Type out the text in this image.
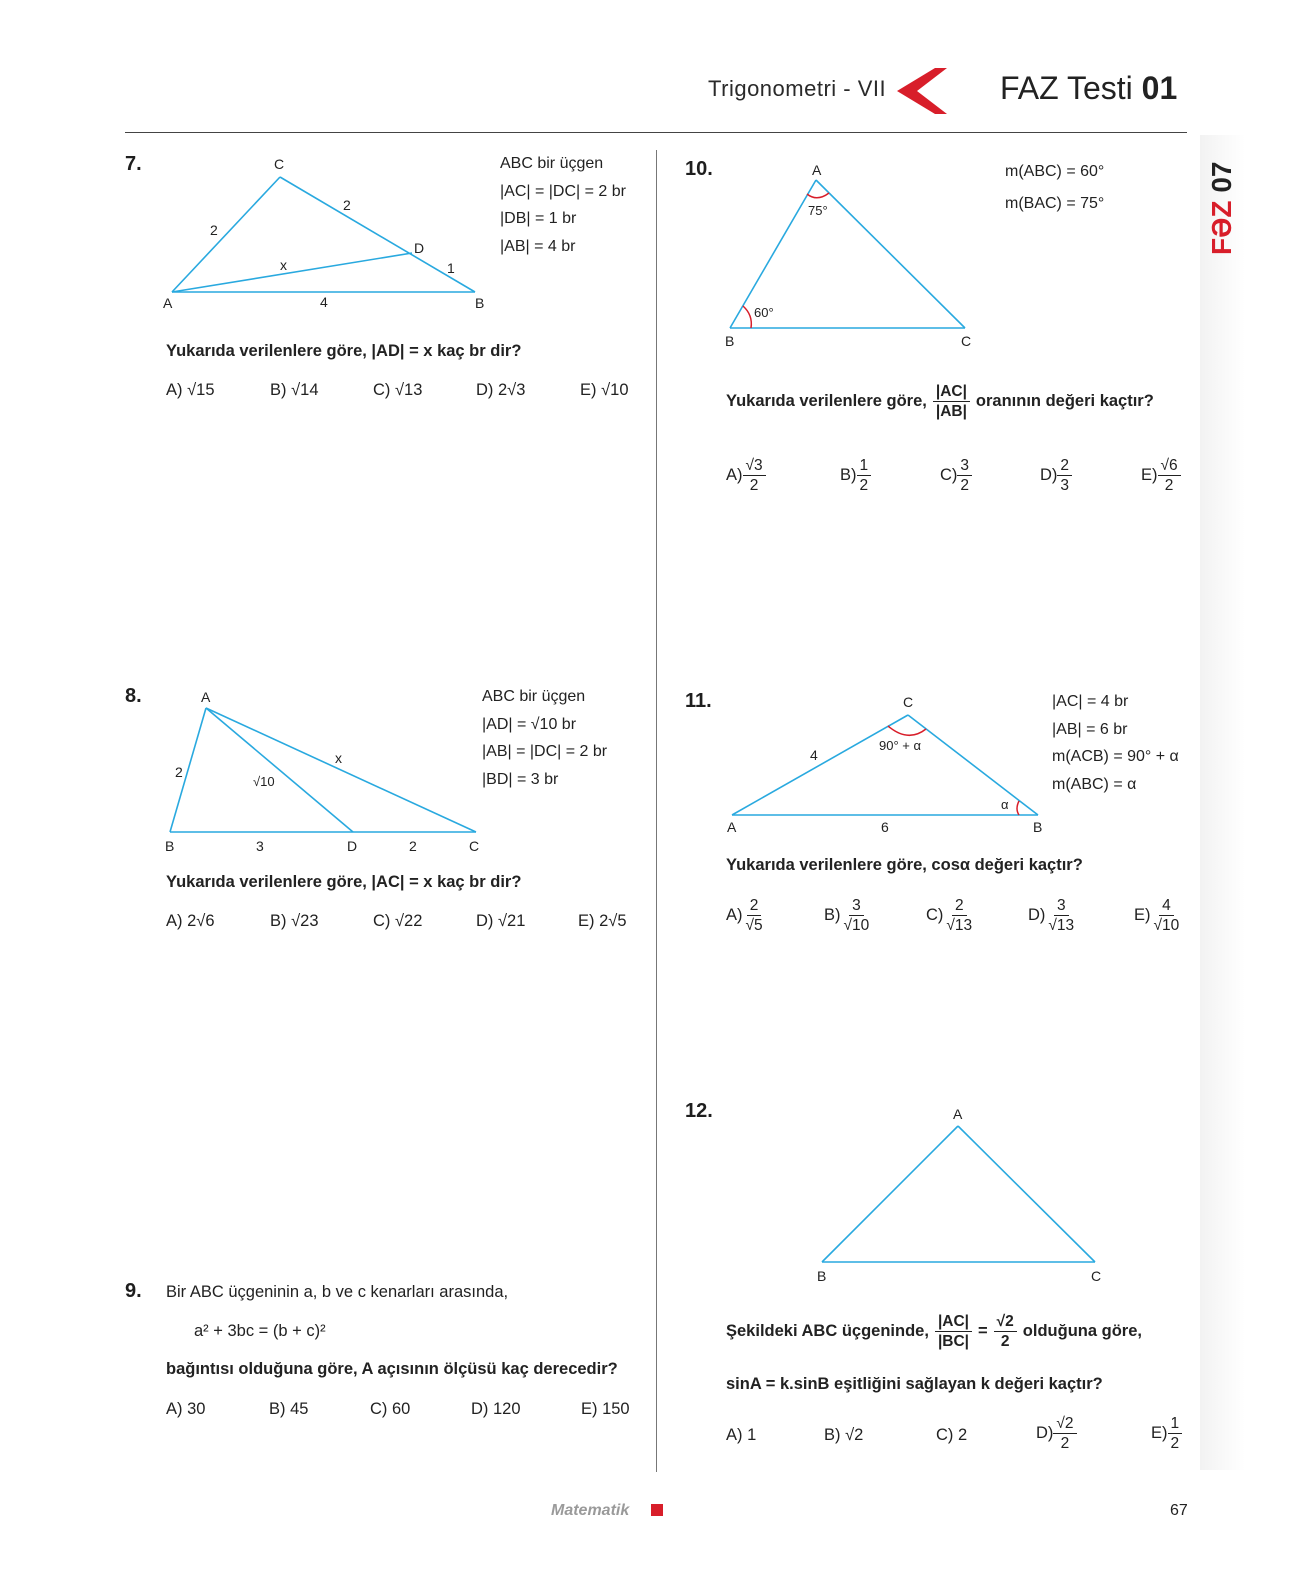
Trigonometri - VII	FAZ Testi 01
FƏZ 07
7.
A	B
C
D
2
2
1
4
x
ABC bir üçgen
|AC| = |DC| = 2 br
|DB| = 1 br
|AB| = 4 br
Yukarıda verilenlere göre, |AD| = x kaç br dir?
A) √15	B) √14	C) √13	D) 2√3	E) √10
8.	A
B	C
D
2
√10
x
3	2
ABC bir üçgen
|AD| = √10 br
|AB| = |DC| = 2 br
|BD| = 3 br
Yukarıda verilenlere göre, |AC| = x kaç br dir?
A) 2√6	B) √23	C) √22	D) √21	E) 2√5
9. Bir ABC üçgeninin a, b ve c kenarları arasında,
a² + 3bc = (b + c)²
bağıntısı olduğuna göre, A açısının ölçüsü kaç derecedir?
A) 30	B) 45	C) 60	D) 120	E) 150
10.	A
B	C
75°
60°
m(ABC) = 60°
m(BAC) = 75°
Yukarıda verilenlere göre, $\frac{|AC|}{|AB|}$ oranının değeri kaçtır?
$A) \frac{√3}{2}$	$B) \frac{1}{2}$	$C) \frac{3}{2}$	$D) \frac{2}{3}$	$E) \frac{√6}{2}$
11.	C
A	B
4
6
90° + α
α
|AC| = 4 br
|AB| = 6 br
m(ACB) = 90° + α
m(ABC) = α
Yukarıda verilenlere göre, cosα değeri kaçtır?
$A) \frac{2}{√5}$	$B) \frac{3}{√10}$	$C) \frac{2}{√13}$	$D) \frac{3}{√13}$	$E) \frac{4}{√10}$
12.	A
B	C
Şekildeki ABC üçgeninde, $\frac{|AC|}{|BC|} = \frac{√2}{2}$ olduğuna göre,
sinA = k.sinB eşitliğini sağlayan k değeri kaçtır?
A) 1	B) √2	C) 2	$D) \frac{√2}{2}$	$E) \frac{1}{2}$
Matematik	67
